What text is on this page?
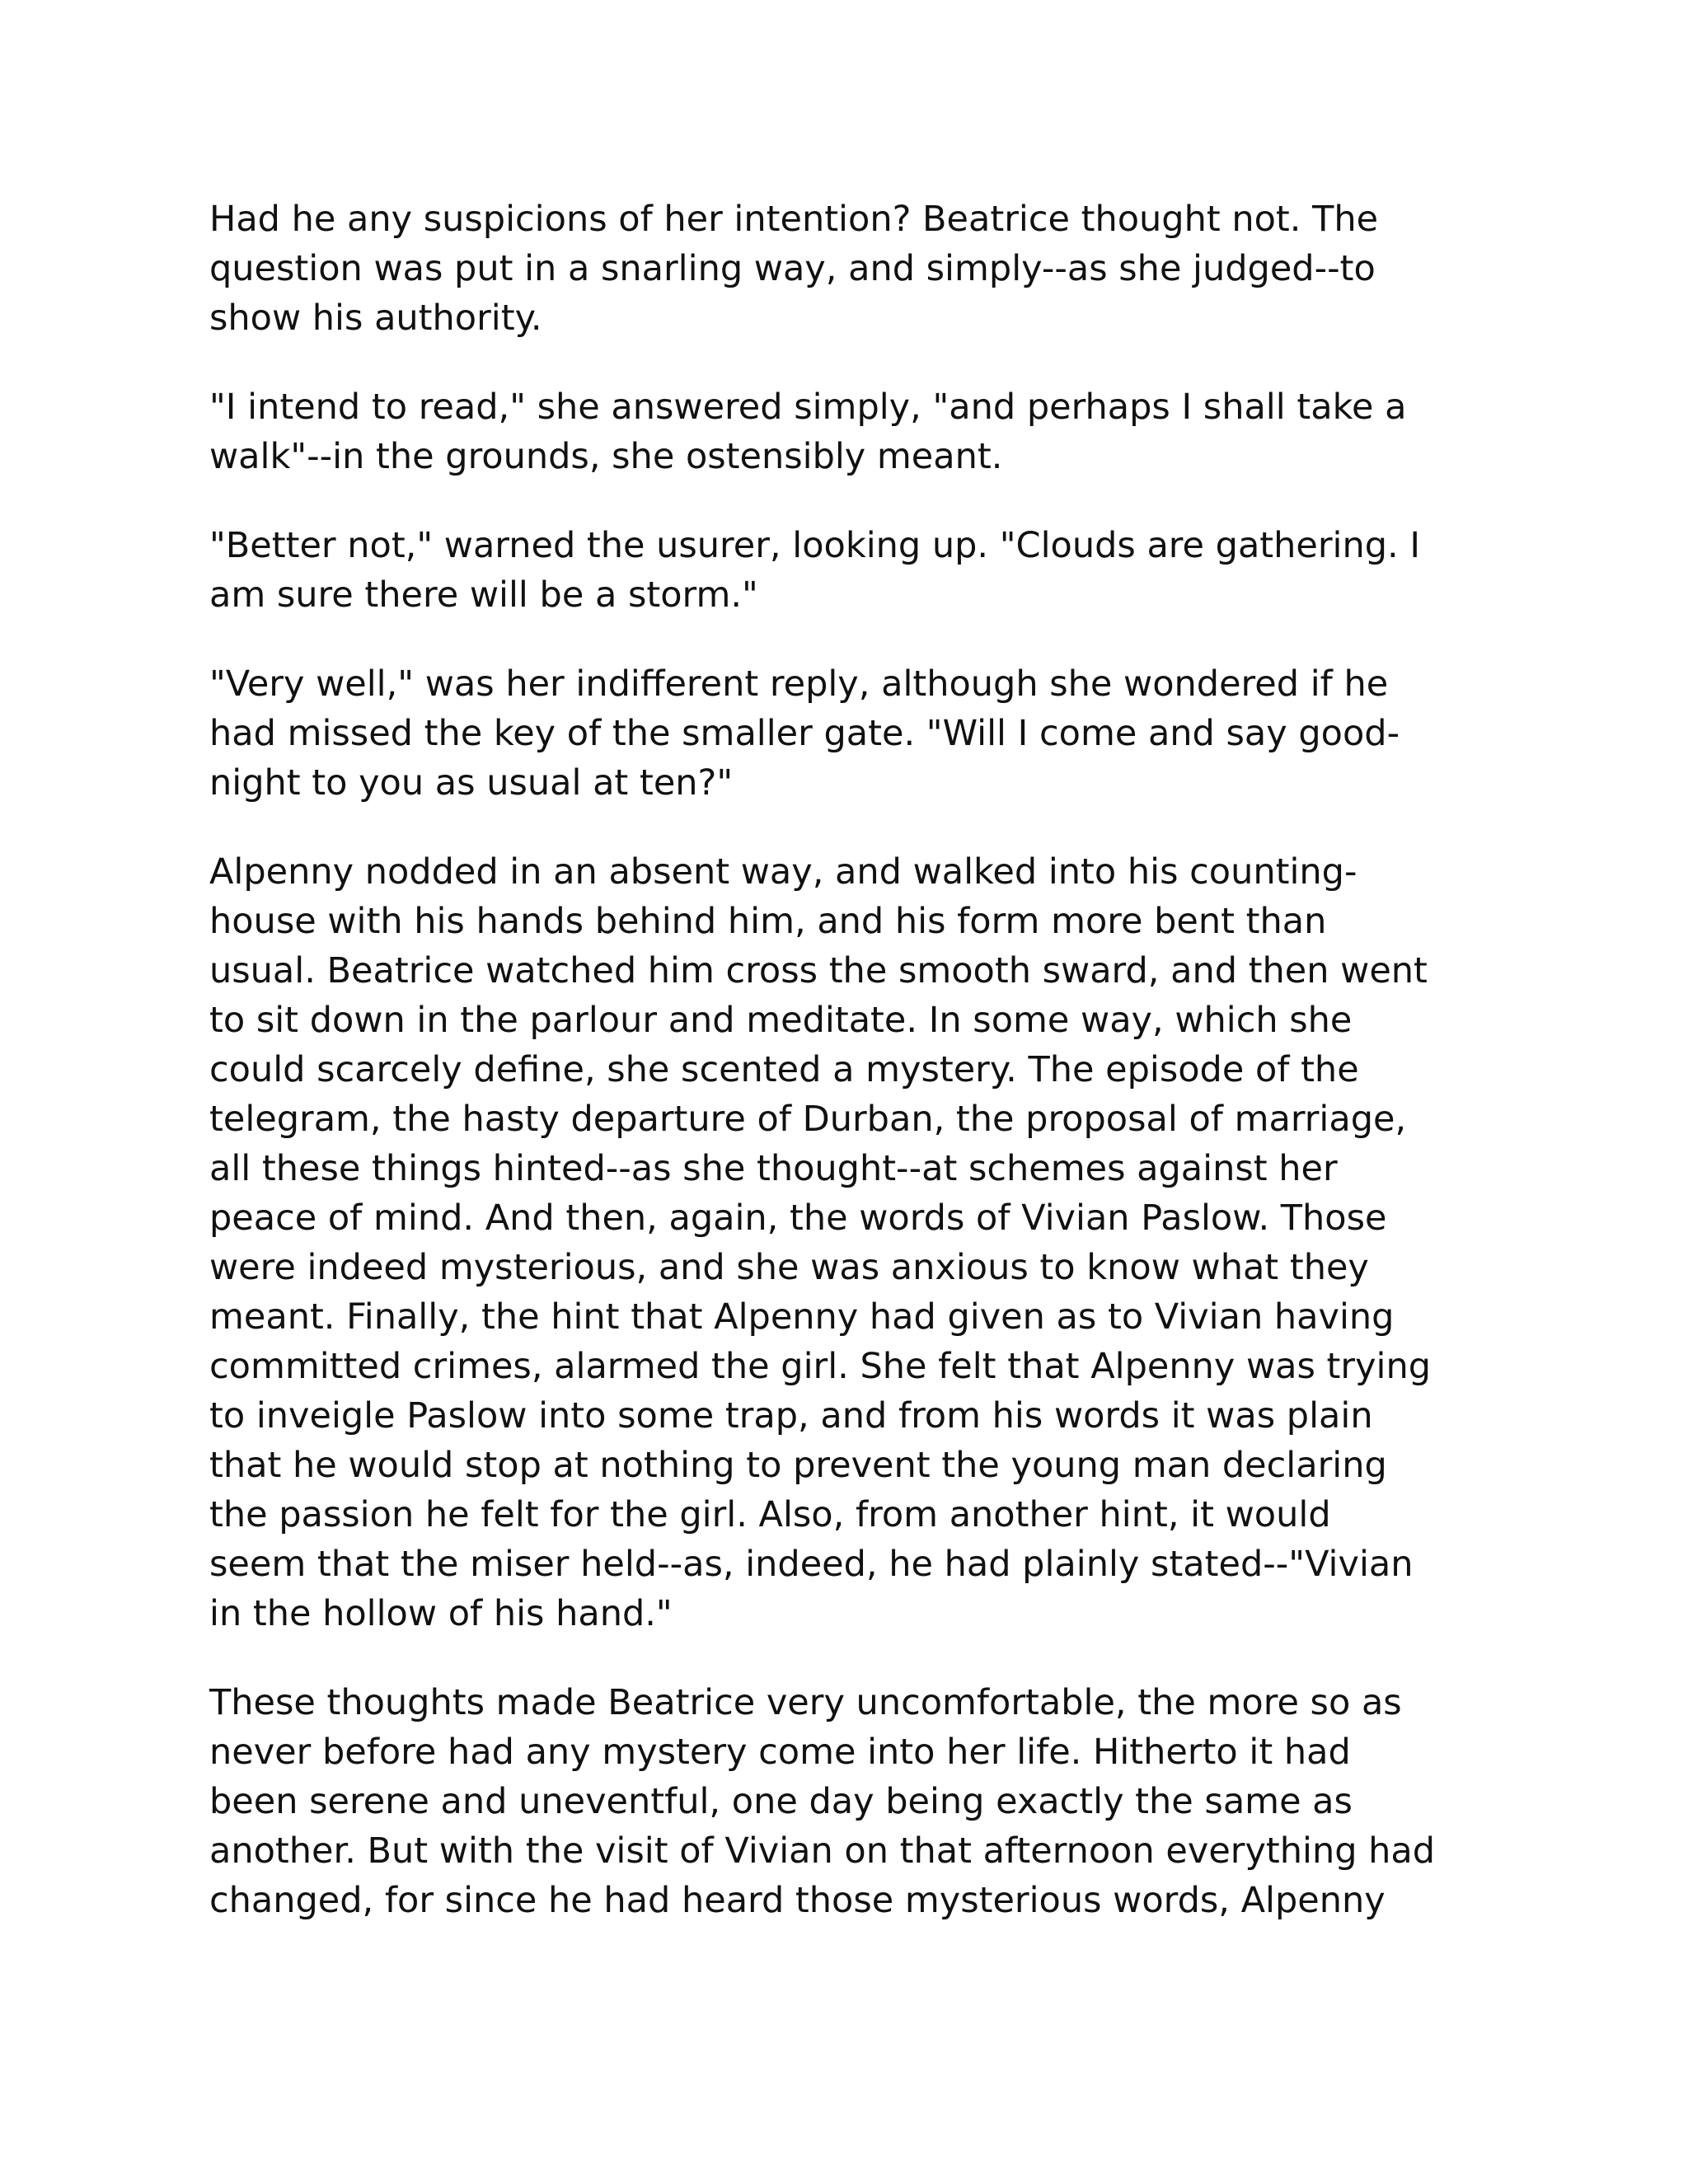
Had he any suspicions of her intention? Beatrice thought not. The
question was put in a snarling way, and simply--as she judged--to
show his authority.
"I intend to read," she answered simply, "and perhaps I shall take a
walk"--in the grounds, she ostensibly meant.
"Better not," warned the usurer, looking up. "Clouds are gathering. I
am sure there will be a storm."
"Very well," was her indifferent reply, although she wondered if he
had missed the key of the smaller gate. "Will I come and say good-
night to you as usual at ten?"
Alpenny nodded in an absent way, and walked into his counting-
house with his hands behind him, and his form more bent than
usual. Beatrice watched him cross the smooth sward, and then went
to sit down in the parlour and meditate. In some way, which she
could scarcely define, she scented a mystery. The episode of the
telegram, the hasty departure of Durban, the proposal of marriage,
all these things hinted--as she thought--at schemes against her
peace of mind. And then, again, the words of Vivian Paslow. Those
were indeed mysterious, and she was anxious to know what they
meant. Finally, the hint that Alpenny had given as to Vivian having
committed crimes, alarmed the girl. She felt that Alpenny was trying
to inveigle Paslow into some trap, and from his words it was plain
that he would stop at nothing to prevent the young man declaring
the passion he felt for the girl. Also, from another hint, it would
seem that the miser held--as, indeed, he had plainly stated--"Vivian
in the hollow of his hand."
These thoughts made Beatrice very uncomfortable, the more so as
never before had any mystery come into her life. Hitherto it had
been serene and uneventful, one day being exactly the same as
another. But with the visit of Vivian on that afternoon everything had
changed, for since he had heard those mysterious words, Alpenny
